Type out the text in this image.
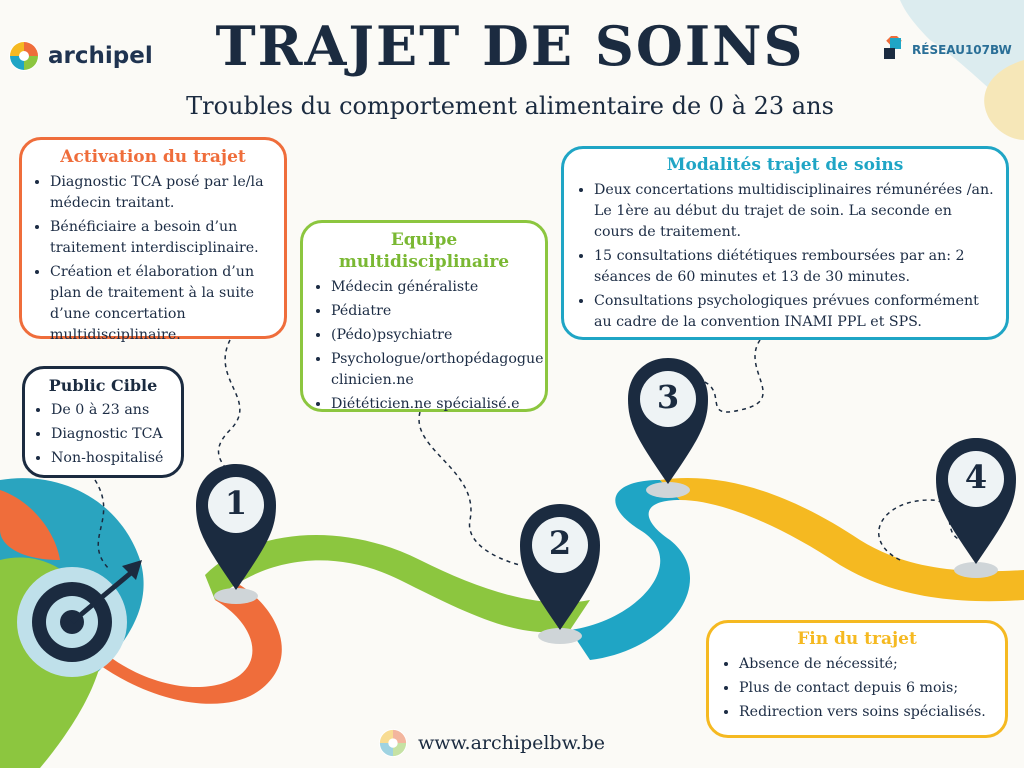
1
2
3
4
archipel	TRAJET DE SOINS
Troubles du comportement alimentaire de 0 à 23 ans
RÉSEAU107BW
Activation du trajet
• Diagnostic TCA posé par le/la médecin traitant.
• Bénéficiaire a besoin d’un traitement interdisciplinaire.
• Création et élaboration d’un plan de traitement à la suite d’une concertation multidisciplinaire.
Equipe
multidisciplinaire
• Médecin généraliste
• Pédiatre
• (Pédo)psychiatre
• Psychologue/orthopédagogue clinicien.ne
• Diététicien.ne spécialisé.e
Modalités trajet de soins
• Deux concertations multidisciplinaires rémunérées /an. Le 1ère au début du trajet de soin. La seconde en cours de traitement.
• 15 consultations diététiques remboursées par an: 2 séances de 60 minutes et 13 de 30 minutes.
• Consultations psychologiques prévues conformément au cadre de la convention INAMI PPL et SPS.
Public Cible
• De 0 à 23 ans
• Diagnostic TCA
• Non-hospitalisé
Fin du trajet
• Absence de nécessité;
• Plus de contact depuis 6 mois;
• Redirection vers soins spécialisés.
www.archipelbw.be
